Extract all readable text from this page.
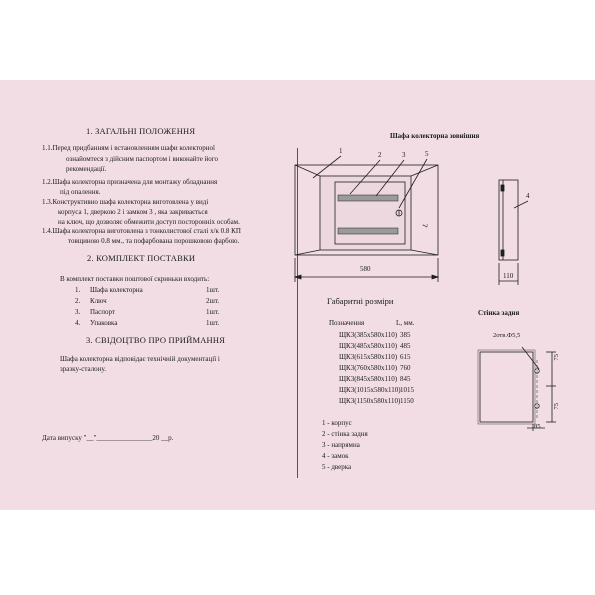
1. ЗАГАЛЬНІ ПОЛОЖЕННЯ
1.1.Перед придбанням і встановленням шафи колекторної
ознайомтеся з дійсним паспортом і виконайте його
рекомендації.
1.2.Шафа колекторна призначена для монтажу обладнання
під опалення.
1.3.Конструктивно шафа колекторна виготовлена у виді
корпуса 1, дверкою 2 і замком 3 , яка закривається
на ключ, що дозволяє обмежити доступ посторонніх особам.
1.4.Шафа колекторна виготовлена з тонколистової сталі х/к 0.8 КП
товщиною 0.8 мм., та пофарбована порошковою фарбою.
2. КОМПЛЕКТ ПОСТАВКИ
В комплект поставки поштової скриньки входить:
1. Шафа колекторна	1шт.
2. Ключ	2шт.
3. Паспорт	1шт.
4. Упаковка	1шт.
3. СВІДОЦТВО ПРО ПРИЙМАННЯ
Шафа колекторна відповідає технічній документації і
зразку-сталону.
Дата випуску "__"________________20 __р.
Шафа колекторна зовнішня
1	2	3	5
4
L
580
110
Габаритні розміри
Позначення	L, мм.
ЩК3(385х580х110) 385
ЩК3(485х580х110) 485
ЩК3(615х580х110) 615
ЩК3(760х580х110) 760
ЩК3(845х580х110) 845
ЩК3(1015х580х110) 1015
ЩК3(1150х580х110) 1150
Стінка задня
2отв.Ф5,5
75
75
85
1 - корпус
2 - стінка задня
3 - напрямна
4 - замок
5 - дверка
